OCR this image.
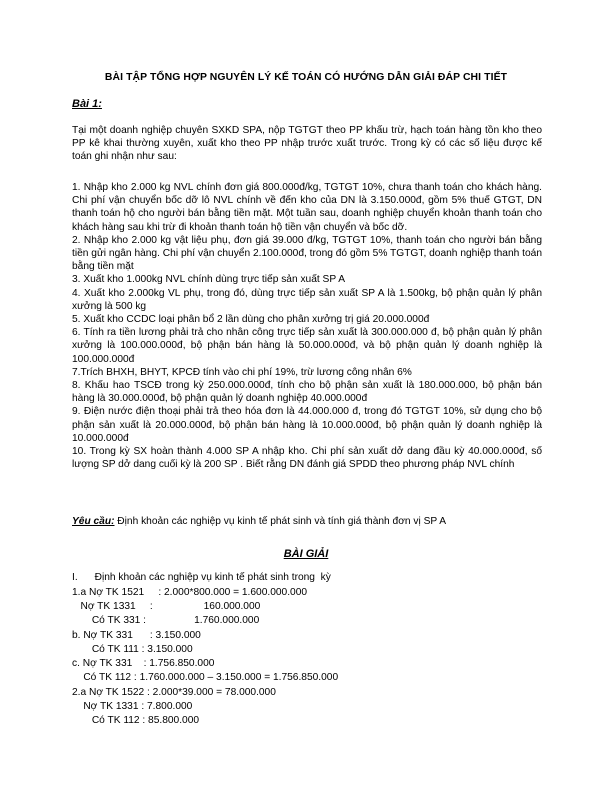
BÀI TẬP TỔNG HỢP NGUYÊN LÝ KẾ TOÁN CÓ HƯỚNG DẪN GIẢI ĐÁP CHI TIẾT
Bài 1:
Tại một doanh nghiệp chuyên SXKD SPA, nộp TGTGT theo PP khấu trừ, hạch toán hàng tồn kho theo PP kê khai thường xuyên, xuất kho theo PP nhập trước xuất trước. Trong kỳ có các số liệu được kế toán ghi nhận như sau:

1. Nhập kho 2.000 kg NVL chính đơn giá 800.000đ/kg, TGTGT 10%, chưa thanh toán cho khách hàng. Chi phí vận chuyển bốc dỡ lô NVL chính về đến kho của DN là 3.150.000đ, gồm 5% thuế GTGT, DN thanh toán hộ cho người bán bằng tiền mặt. Một tuần sau, doanh nghiệp chuyển khoản thanh toán cho khách hàng sau khi trừ đi khoản thanh toán hộ tiền vận chuyển và bốc dỡ.

2. Nhập kho 2.000 kg vật liệu phụ, đơn giá 39.000 đ/kg, TGTGT 10%, thanh toán cho người bán bằng tiền gửi ngân hàng. Chi phí vận chuyển 2.100.000đ, trong đó gồm 5% TGTGT, doanh nghiệp thanh toán bằng tiền mặt

3. Xuất kho 1.000kg NVL chính dùng trực tiếp sản xuất SP A

4. Xuất kho 2.000kg VL phụ, trong đó, dùng trực tiếp sản xuất SP A là 1.500kg, bộ phận quản lý phân xưởng là 500 kg

5. Xuất kho CCDC loại phân bổ 2 lần dùng cho phân xưởng trị giá 20.000.000đ

6. Tính ra tiền lương phải trả cho nhân công trực tiếp sản xuất là 300.000.000 đ, bộ phận quản lý phân xưởng là 100.000.000đ, bộ phận bán hàng là 50.000.000đ, và bộ phận quản lý doanh nghiệp là 100.000.000đ

7.Trích BHXH, BHYT, KPCĐ tính vào chi phí 19%, trừ lương công nhân 6%

8. Khấu hao TSCĐ trong kỳ 250.000.000đ, tính cho bộ phận sản xuất là 180.000.000, bộ phận bán hàng là 30.000.000đ, bộ phận quản lý doanh nghiệp 40.000.000đ

9. Điện nước điện thoại phải trả theo hóa đơn là 44.000.000 đ, trong đó TGTGT 10%, sử dụng cho bộ phận sản xuất là 20.000.000đ, bộ phận bán hàng là 10.000.000đ, bộ phận quản lý doanh nghiệp là 10.000.000đ

10. Trong kỳ SX hoàn thành 4.000 SP A nhập kho. Chi phí sản xuất dở dang đầu kỳ 40.000.000đ, số lượng SP dở dang cuối kỳ là 200 SP . Biết rằng DN đánh giá SPDD theo phương pháp NVL chính

Yêu cầu: Định khoản các nghiệp vụ kinh tế phát sinh và tính giá thành đơn vị SP A
BÀI GIẢI
I.      Định khoản các nghiệp vụ kinh tế phát sinh trong  kỳ
1.a Nợ TK 1521     : 2.000*800.000 = 1.600.000.000
Nợ TK 1331     :                  160.000.000
Có TK 331 :                 1.760.000.000
b. Nợ TK 331      : 3.150.000
Có TK 111 : 3.150.000
c. Nợ TK 331    : 1.756.850.000
Có TK 112 : 1.760.000.000 – 3.150.000 = 1.756.850.000
2.a Nợ TK 1522 : 2.000*39.000 = 78.000.000
Nợ TK 1331 : 7.800.000
Có TK 112 : 85.800.000
